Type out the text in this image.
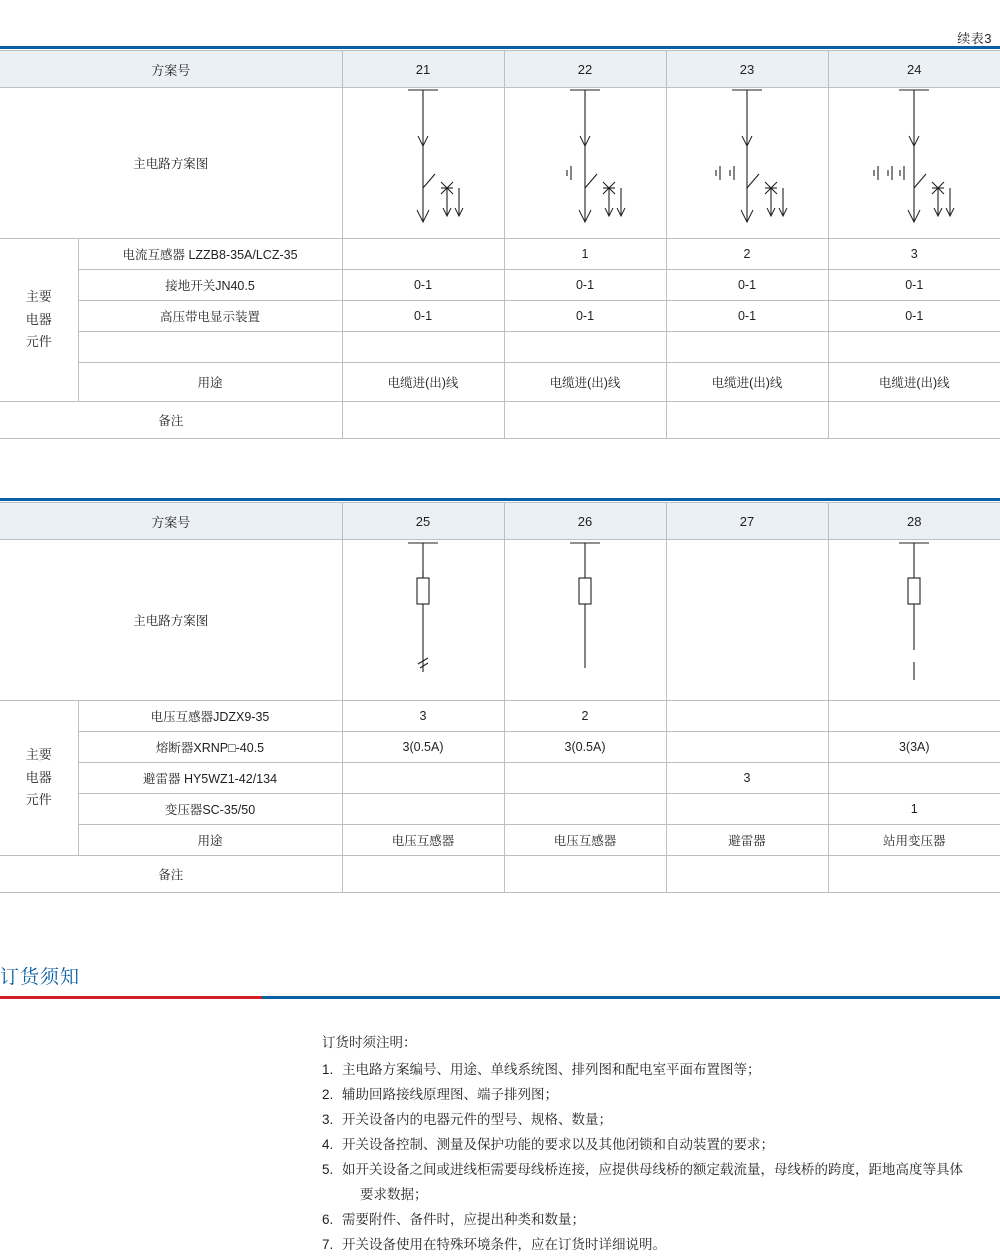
续表3
方案号		21	22	23	24
主电路方案图	

主要
电器
元件	电流互感器 LZZB8-35A/LCZ-35		1	2	3
	接地开关JN40.5	0-1	0-1	0-1	0-1
	高压带电显示装置	0-1	0-1	0-1	0-1

	用途	电缆进(出)线	电缆进(出)线	电缆进(出)线	电缆进(出)线
备注					
方案号		25	26	27	28
主电路方案图	

主要
电器
元件	电压互感器JDZX9-35	3	2		
	熔断器XRNP□-40.5	3(0.5A)	3(0.5A)		3(3A)
	避雷器 HY5WZ1-42/134			3	
	变压器SC-35/50				1
	用途	电压互感器	电压互感器	避雷器	站用变压器
备注					
订货须知
订货时须注明：
1. 主电路方案编号、用途、单线系统图、排列图和配电室平面布置图等；
2. 辅助回路接线原理图、端子排列图；
3. 开关设备内的电器元件的型号、规格、数量；
4. 开关设备控制、测量及保护功能的要求以及其他闭锁和自动装置的要求；
5. 如开关设备之间或进线柜需要母线桥连接，应提供母线桥的额定载流量，母线桥的跨度，距地高度等具体
要求数据；
6. 需要附件、备件时，应提出种类和数量；
7. 开关设备使用在特殊环境条件，应在订货时详细说明。
